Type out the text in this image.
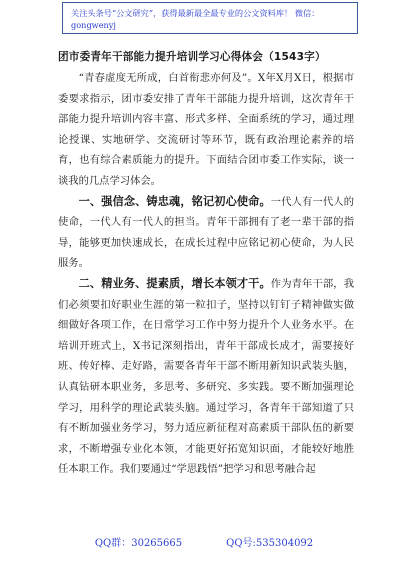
关注头条号“公文研究”，获得最新最全最专业的公文资料库！ 微信：gongwenyj
团市委青年干部能力提升培训学习心得体会（1543字）

“青春虚度无所成，白首衔悲亦何及”。X年X月X日，根据市委要求指示，团市委安排了青年干部能力提升培训，这次青年干部能力提升培训内容丰富、形式多样、全面系统的学习，通过理论授课、实地研学、交流研讨等环节，既有政治理论素养的培育，也有综合素质能力的提升。下面结合团市委工作实际，谈一谈我的几点学习体会。

一、强信念、铸忠魂，铭记初心使命。一代人有一代人的使命，一代人有一代人的担当。青年干部拥有了老一辈干部的指导，能够更加快速成长，在成长过程中应铭记初心使命，为人民服务。

二、精业务、提素质，增长本领才干。作为青年干部，我们必须要扣好职业生涯的第一粒扣子，坚持以钉钉子精神做实做细做好各项工作，在日常学习工作中努力提升个人业务水平。在培训开班式上，X书记深刻指出，青年干部成长成才，需要接好班、传好棒、走好路，需要各青年干部不断用新知识武装头脑，认真钻研本职业务，多思考、多研究、多实践。要不断加强理论学习，用科学的理论武装头脑。通过学习，各青年干部知道了只有不断加强业务学习，努力适应新征程对高素质干部队伍的新要求，不断增强专业化本领，才能更好拓宽知识面，才能较好地胜任本职工作。我们要通过“学思践悟”把学习和思考融合起

QQ群：30265665	QQ号:535304092
